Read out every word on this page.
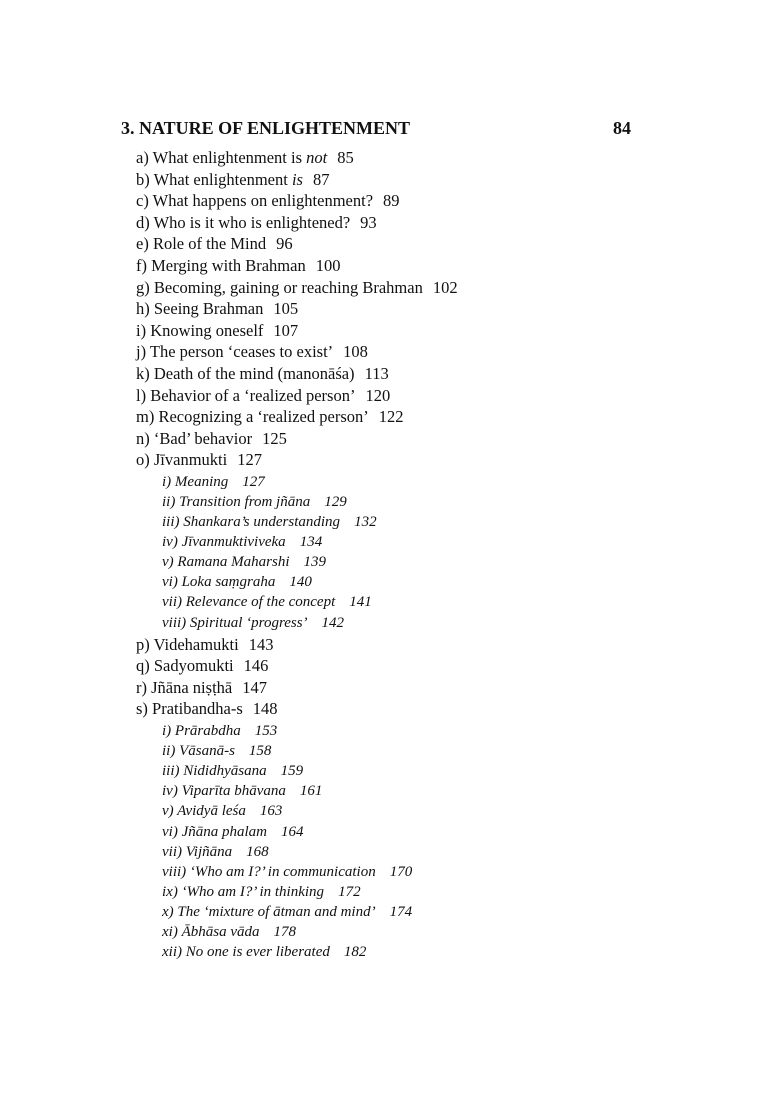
3. NATURE OF ENLIGHTENMENT	84
a) What enlightenment is not 85
b) What enlightenment is 87
c) What happens on enlightenment? 89
d) Who is it who is enlightened? 93
e) Role of the Mind 96
f) Merging with Brahman 100
g) Becoming, gaining or reaching Brahman 102
h) Seeing Brahman 105
i) Knowing oneself 107
j) The person ‘ceases to exist’ 108
k) Death of the mind (manonāśa) 113
l) Behavior of a ‘realized person’ 120
m) Recognizing a ‘realized person’ 122
n) ‘Bad’ behavior 125
o) Jīvanmukti 127
i) Meaning 127
ii) Transition from jñāna 129
iii) Shankara’s understanding 132
iv) Jīvanmuktiviveka 134
v) Ramana Maharshi 139
vi) Loka saṃgraha 140
vii) Relevance of the concept 141
viii) Spiritual ‘progress’ 142
p) Videhamukti 143
q) Sadyomukti 146
r) Jñāna niṣṭhā 147
s) Pratibandha-s 148
i) Prārabdha 153
ii) Vāsanā-s 158
iii) Nididhyāsana 159
iv) Viparīta bhāvana 161
v) Avidyā leśa 163
vi) Jñāna phalam 164
vii) Vijñāna 168
viii) ‘Who am I?’ in communication 170
ix) ‘Who am I?’ in thinking 172
x) The ‘mixture of ātman and mind’ 174
xi) Ābhāsa vāda 178
xii) No one is ever liberated 182
